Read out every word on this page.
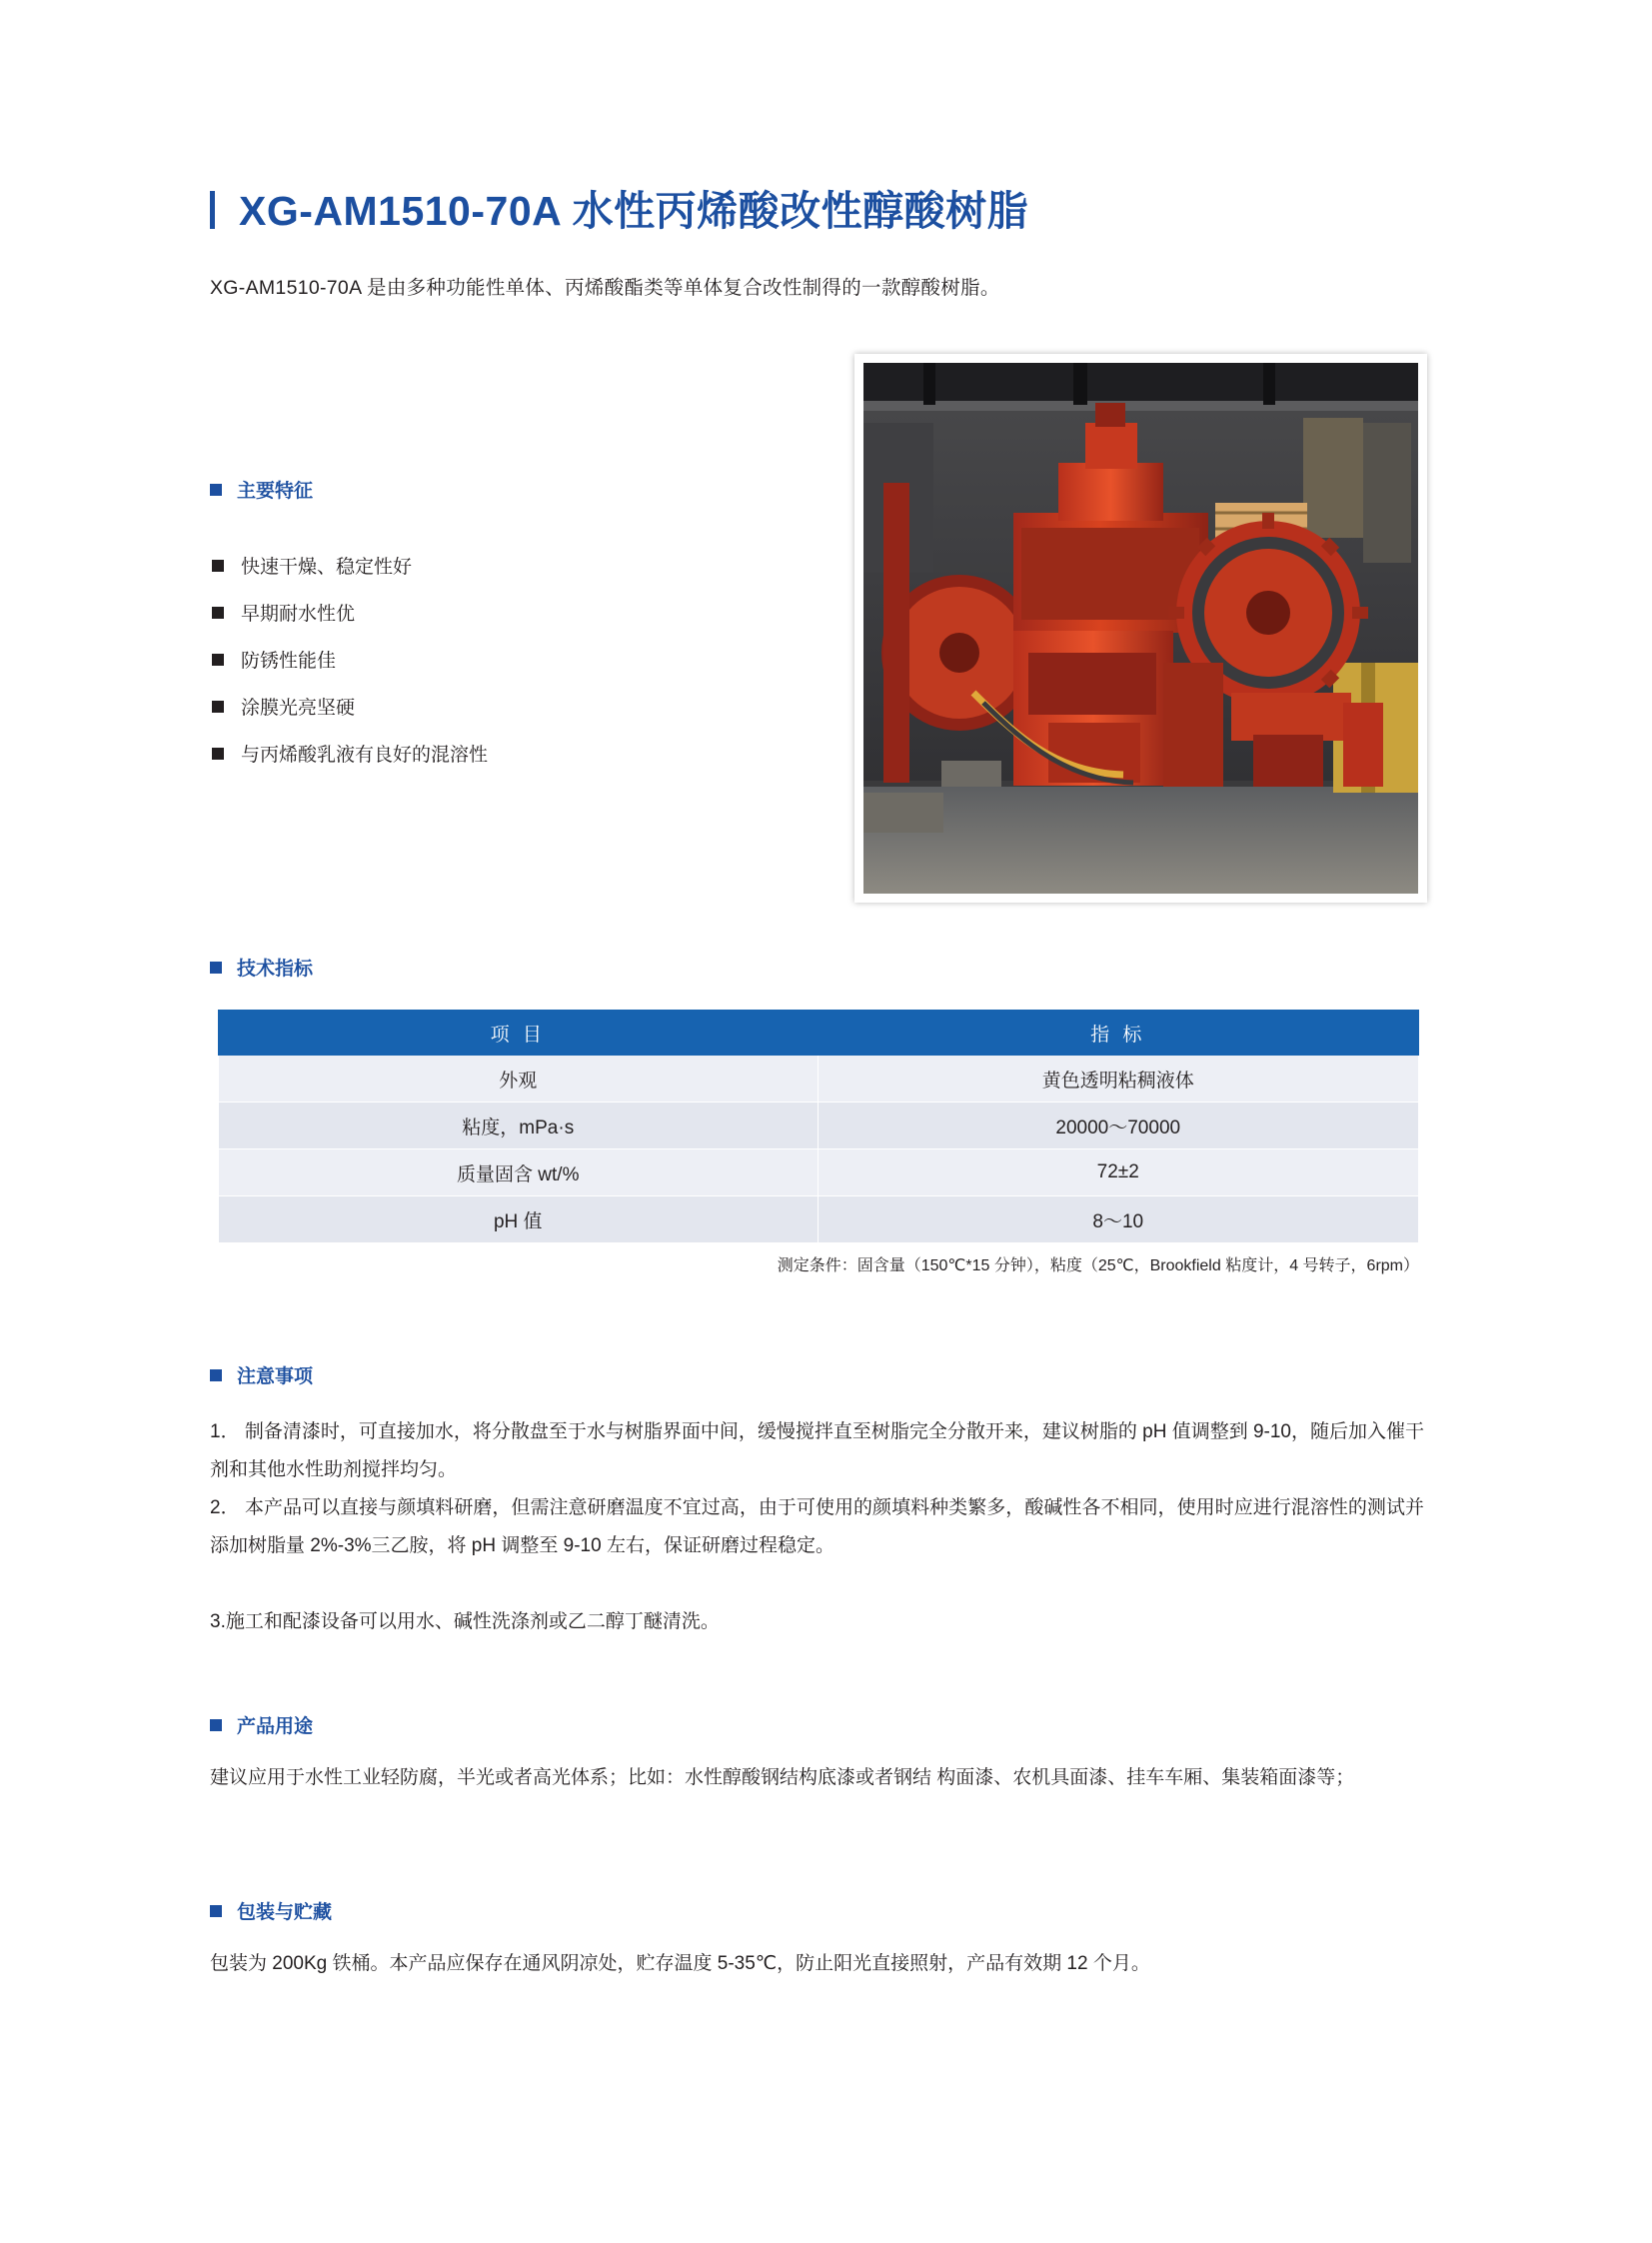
XG-AM1510-70A 水性丙烯酸改性醇酸树脂
XG-AM1510-70A 是由多种功能性单体、丙烯酸酯类等单体复合改性制得的一款醇酸树脂。
主要特征
快速干燥、稳定性好
早期耐水性优
防锈性能佳
涂膜光亮坚硬
与丙烯酸乳液有良好的混溶性
技术指标
项 目	指 标
外观	黄色透明粘稠液体
粘度，mPa·s	20000～70000
质量固含 wt/%	72±2
pH 值	8～10
测定条件：固含量（150℃*15 分钟），粘度（25℃，Brookfield 粘度计，4 号转子，6rpm）
注意事项
1． 制备清漆时，可直接加水，将分散盘至于水与树脂界面中间，缓慢搅拌直至树脂完全分散开来，建议树脂的 pH 值调整到 9-10，随后加入催干剂和其他水性助剂搅拌均匀。
2． 本产品可以直接与颜填料研磨，但需注意研磨温度不宜过高，由于可使用的颜填料种类繁多，酸碱性各不相同，使用时应进行混溶性的测试并添加树脂量 2%-3%三乙胺，将 pH 调整至 9-10 左右，保证研磨过程稳定。
3.施工和配漆设备可以用水、碱性洗涤剂或乙二醇丁醚清洗。
产品用途
建议应用于水性工业轻防腐，半光或者高光体系；比如：水性醇酸钢结构底漆或者钢结 构面漆、农机具面漆、挂车车厢、集装箱面漆等；
包装与贮藏
包装为 200Kg 铁桶。本产品应保存在通风阴凉处，贮存温度 5-35℃，防止阳光直接照射，产品有效期 12 个月。
